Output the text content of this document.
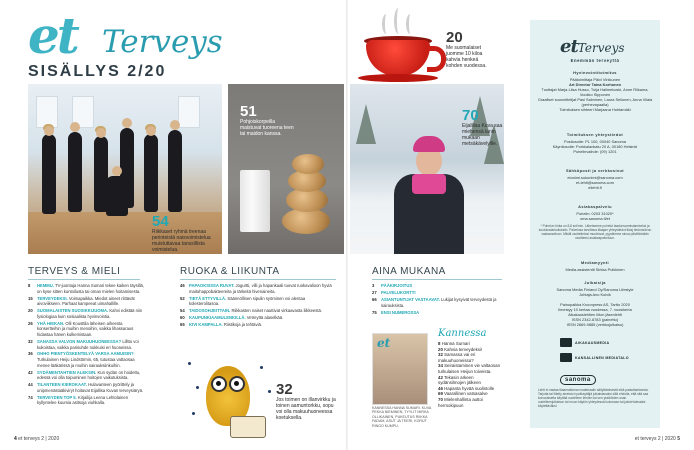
et Terveys
SISÄLLYS 2/20
20
Me suomalaiset juomme 10 kiloa kahvia henkeä kohden vuodessa.
54
Riikkaset ryhmä treenaa perinteistä naisvoimistelua muistuttavaa tanssillista voimistelua.
51
Pohjoiskorpeilla maistuvat tuoreena teen tai maidon kanssa.
70
Eijalliisa Kuva saa miehensä lanin mukaan metsäkävelyille.
TERVEYS & MIELI
8	HEMMU. TV-juontaja Hanna Sumari tekee kaiken täysillä, on kyse sitten kuntoilusta tai oman mielen hoitamisesta.
15	TERVEYDEKSI. Voimapaikka. Miedot aineet riittävät aivoviikseen. Parhaat kampeeat uimahallille.
20	SUOMALAISTEN SUOSIKKIJUOMA. Kahvi edistää niin fysiologiaa kuin sosiaalista hyvinvointia.
26	YHÄ HIEKAN. Olli Kousttila läheisen aiheesta konsertteihin ja muihin menoihin, vaikka lihassaraus hidastaa hänen kulkemistaan.
32	SANASSA VALVON MAKUUHUONEESSA? Lilltto voi kukoistaa, vaikka parisuhde nukkuisi eri huoneissa.
36	OHHO PIENTYÖSKENTELYÄ VARSA AAMUISIN? Turkulainen Heiju Lindstörnin, 65, tutustaa vattaosaa menee lääkärissä ja muihin sairauksiinkuihin.
42	SYDÄMENTAHTIEN ALEKSIN. Kun sydän on hoidettu, edessä voi olla toipuminen hoitojen vaikutuksista.
44	TILANTEEN KIEROKAAT. Hulavanteen pyörittely ja unipmenästaäkiviryt hoitavat Eijallisa Kuvan terveysiäryä.
74	TERVEYDEN TOP 5. Kirjailija Leena Lehtolainen kyllyntelee kuumia asitsoja viuhkalla.
RUOKA & LIIKUNTA
46	PAPAOKSISSA RUVAT. Jogurtti, villi ja hapankaali tuovat ruokavalioon hyviä maitohappobakteereita ja tärkeitä hivenaineita.
52	TIETÄ ETTYVILLÄ. Säännöllinen sipulin syöminen voi alentaa kolesterolitasoa.
54	TAIDOSOHJEITTAIN. Riikkasten naiset nauttivat virkaavasta liikkeestä.
60	KAUPUNKIAAMULENKILLÄ. Vetreyttä alaselkää.
65	KIVI KAMPALLA. Riistikoja ja tehtäviä.
32
Jos toimen on illanvirkku ja toinen aamuntorkku, sopu voi olla makuuhuoneessa koetuksella.
AINA MUKANA
3	PÄÄKIRJOITUS
27	PALVELUKORTTI
66	ASIANTUNTIJAT VASTAAVAT. Lukijat kysyivät terveydestä ja sairauksista.
75	ENSI NUMEROSSA
et
KANNESSA HANNA SUMARI. KUVA PEKKA NIEMINEN, TYYLIT MIRKA OLLIKAINEN, PUKEUTUS RIIKKA FADAM, ASUT JA TEERI, KORUT RINGO KUMPU.
Kannessa
8 Hanna Sumari
20 Kahvia terveydeksi!
32 Samassa vai eri makuuhuoneissa?
34 Seiraistaminen vie valtaosan turkulaisen Heijun toiveista.
42 Tekasin arkeen sydänsilmojen jälkeen
46 Hapanta hyvää suolistolle
69 Vaarallinen vatsasalve
70 Mielenhallinta auttoi hermokipuun
etTerveys
Enemmän terveyttä
Hyvinvointitoimitus
Päätoimittaja Päivi Virkkunen
Art Director Taina Korhonen
Tuottajat Marja-Liisa Husso, Tuija Hallmekoski, Anne Riikama, Vuokko Sipponen
Graafiset suunnittelijat Pasi Salminen, Laura Seilonen, Anna Viiala (perhevapaalla)
Toimituksen sihteeri Marjaana Huhtamäki
Toimituksen yhteystiedot
Postiosoite: PL 100, 00040 Sanoma
Käyntiosoite: Porkkalankatu 20 A, 00180 Helsinki
Puhelinvaihde: (09) 1201
Sähköposti ja verkkosivut
etunimi.sukunimi@sanoma.com
et-lehti@sanoma.com
etlehti.fi
Asiakaspalvelu
Puhelin: 0203 31020*
oma.sanoma.fi/et
* Puhelun hinta on 8,8 snt/min. Lähetamme puhelut laadunvarmistamiseksi ja koulutustarkoituksiin. Palvelusa tarvittava tilaajan yhteystiedot tilasj tiedonsiirron vastaanottoon. Mikäli osoitetietosi muuttuvat, pyydämme sinua päivittämään osoitteesi asiakaspalveluun.
Mediamyynti
Media-assistentti Sirkka Pulkkinen
Julkaisija
Sanoma Media Finland Oy/Sanoma Lifestyle
Johtaja Ano Kulvik
Painopaikka Kroonpress AS, Tartto 2020
Ilmestyy 10 kertaa vuodessa, 7. vuosikerta
Aikakauslehtien liiton jäsenlehti
ISSN 2342-8783 (painettu)
ISSN 2669-9885 (verkkojulkaisu)
AIKAKAUSMEDIA
KANSALLINEN MEDIATALO
sanoma
Lehti ei vastaa tilaamattoman materiaalin säilyttämisestä eikä palauttamisesta. Tarjotta tai liitetty aineisto hyväksyttäjä julkaistavaksi sillä ehdolla, että sitä saa korvauksetta käyttää uudelleen lehden tai sen yksiköiden osan uudelleenjulkaisun tai muun käytön yhteydessä kokonaan tai jakolehdessäsi käytettäväksi.
4 et terveys 2 | 2020	et terveys 2 | 2020 5
